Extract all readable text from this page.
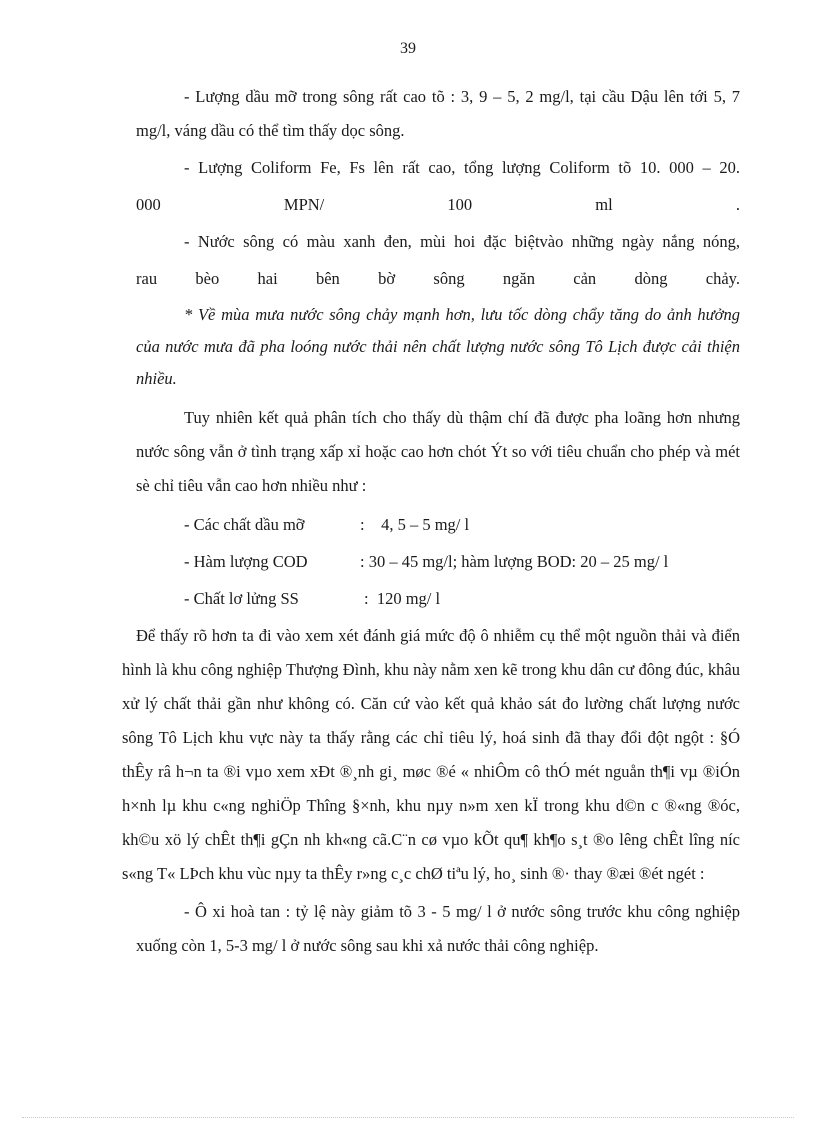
39

- Lượng dầu mỡ trong sông rất cao tõ : 3, 9 – 5, 2 mg/l, tại cầu Dậu lên tới 5, 7 mg/l, váng dầu có thể tìm thấy dọc sông.

- Lượng Coliform Fe, Fs lên rất cao, tổng lượng Coliform tõ 10. 000 – 20.

000 MPN/ 100 ml .

- Nước sông có màu xanh đen, mùi hoi đặc biệtvào những ngày nắng nóng,

rau bèo hai bên bờ sông ngăn cản dòng chảy.

* Về mùa mưa nước sông chảy mạnh hơn, lưu tốc dòng chẩy tăng do ảnh hưởng của nước mưa đã pha loóng nước thải nên chất lượng nước sông Tô Lịch được cải thiện nhiều.

Tuy nhiên kết quả phân tích cho thấy dù thậm chí đã được pha loãng hơn nhưng nước sông vẫn ở tình trạng xấp xỉ hoặc cao hơn chót Ýt so với tiêu chuẩn cho phép và mét sè chỉ tiêu vẫn cao hơn nhiều như :

- Các chất dầu mỡ	:    4, 5 – 5 mg/ l
- Hàm lượng COD	: 30 – 45 mg/l; hàm lượng BOD: 20 – 25 mg/ l
- Chất lơ lửng SS	:  120 mg/ l

Để thấy rõ hơn ta đi vào xem xét đánh giá mức độ ô nhiễm cụ thể một nguồn thải và điển hình là khu công nghiệp Thượng Đình, khu này nằm xen kẽ trong khu dân cư đông đúc, khâu xử lý chất thải gần như không có. Căn cứ vào kết quả khảo sát đo lường chất lượng nước sông Tô Lịch khu vực này ta thấy rằng các chỉ tiêu lý, hoá sinh đã thay đổi đột ngột : §Ó thÊy râ h¬n ta ®i vµo xem xÐt ®¸nh gi¸ møc ®é « nhiÔm cô thÓ mét nguån th¶i vµ ®iÓn h×nh lµ khu c«ng nghiÖp Thîng §×nh, khu nµy n»m xen kÏ trong khu d©n c ®«ng ®óc, kh©u xö lý chÊt th¶i gÇn nh kh«ng cã.C¨n cø vµo kÕt qu¶ kh¶o s¸t ®o lêng chÊt lîng níc s«ng T« LÞch khu vùc nµy ta thÊy r»ng c¸c chØ tiªu lý, ho¸ sinh ®· thay ®æi ®ét ngét :

- Ô xi hoà tan : tỷ lệ này giảm tõ 3 - 5 mg/ l ở nước sông trước khu công nghiệp xuống còn 1, 5-3 mg/ l ở nước sông sau khi xả nước thải công nghiệp.
